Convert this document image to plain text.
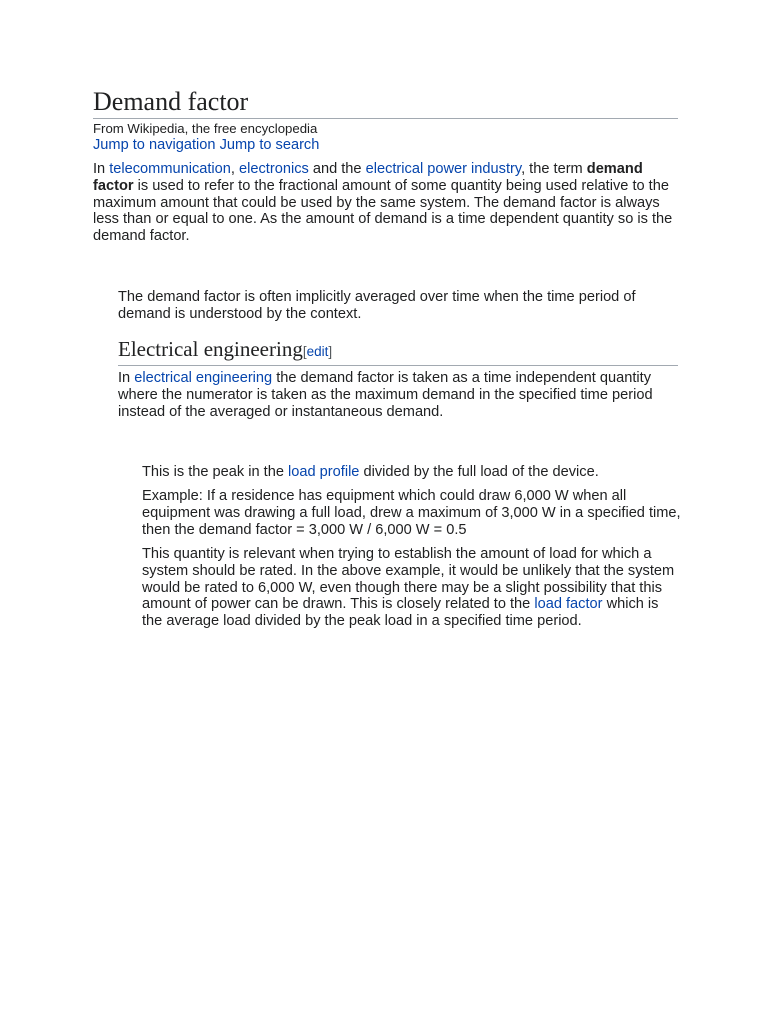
Demand factor
From Wikipedia, the free encyclopedia
Jump to navigation Jump to search

In telecommunication, electronics and the electrical power industry, the term demand factor is used to refer to the fractional amount of some quantity being used relative to the maximum amount that could be used by the same system. The demand factor is always less than or equal to one. As the amount of demand is a time dependent quantity so is the demand factor.

The demand factor is often implicitly averaged over time when the time period of demand is understood by the context.

Electrical engineering[edit]

In electrical engineering the demand factor is taken as a time independent quantity where the numerator is taken as the maximum demand in the specified time period instead of the averaged or instantaneous demand.

This is the peak in the load profile divided by the full load of the device.

Example: If a residence has equipment which could draw 6,000 W when all equipment was drawing a full load, drew a maximum of 3,000 W in a specified time, then the demand factor = 3,000 W / 6,000 W = 0.5

This quantity is relevant when trying to establish the amount of load for which a system should be rated. In the above example, it would be unlikely that the system would be rated to 6,000 W, even though there may be a slight possibility that this amount of power can be drawn. This is closely related to the load factor which is the average load divided by the peak load in a specified time period.
